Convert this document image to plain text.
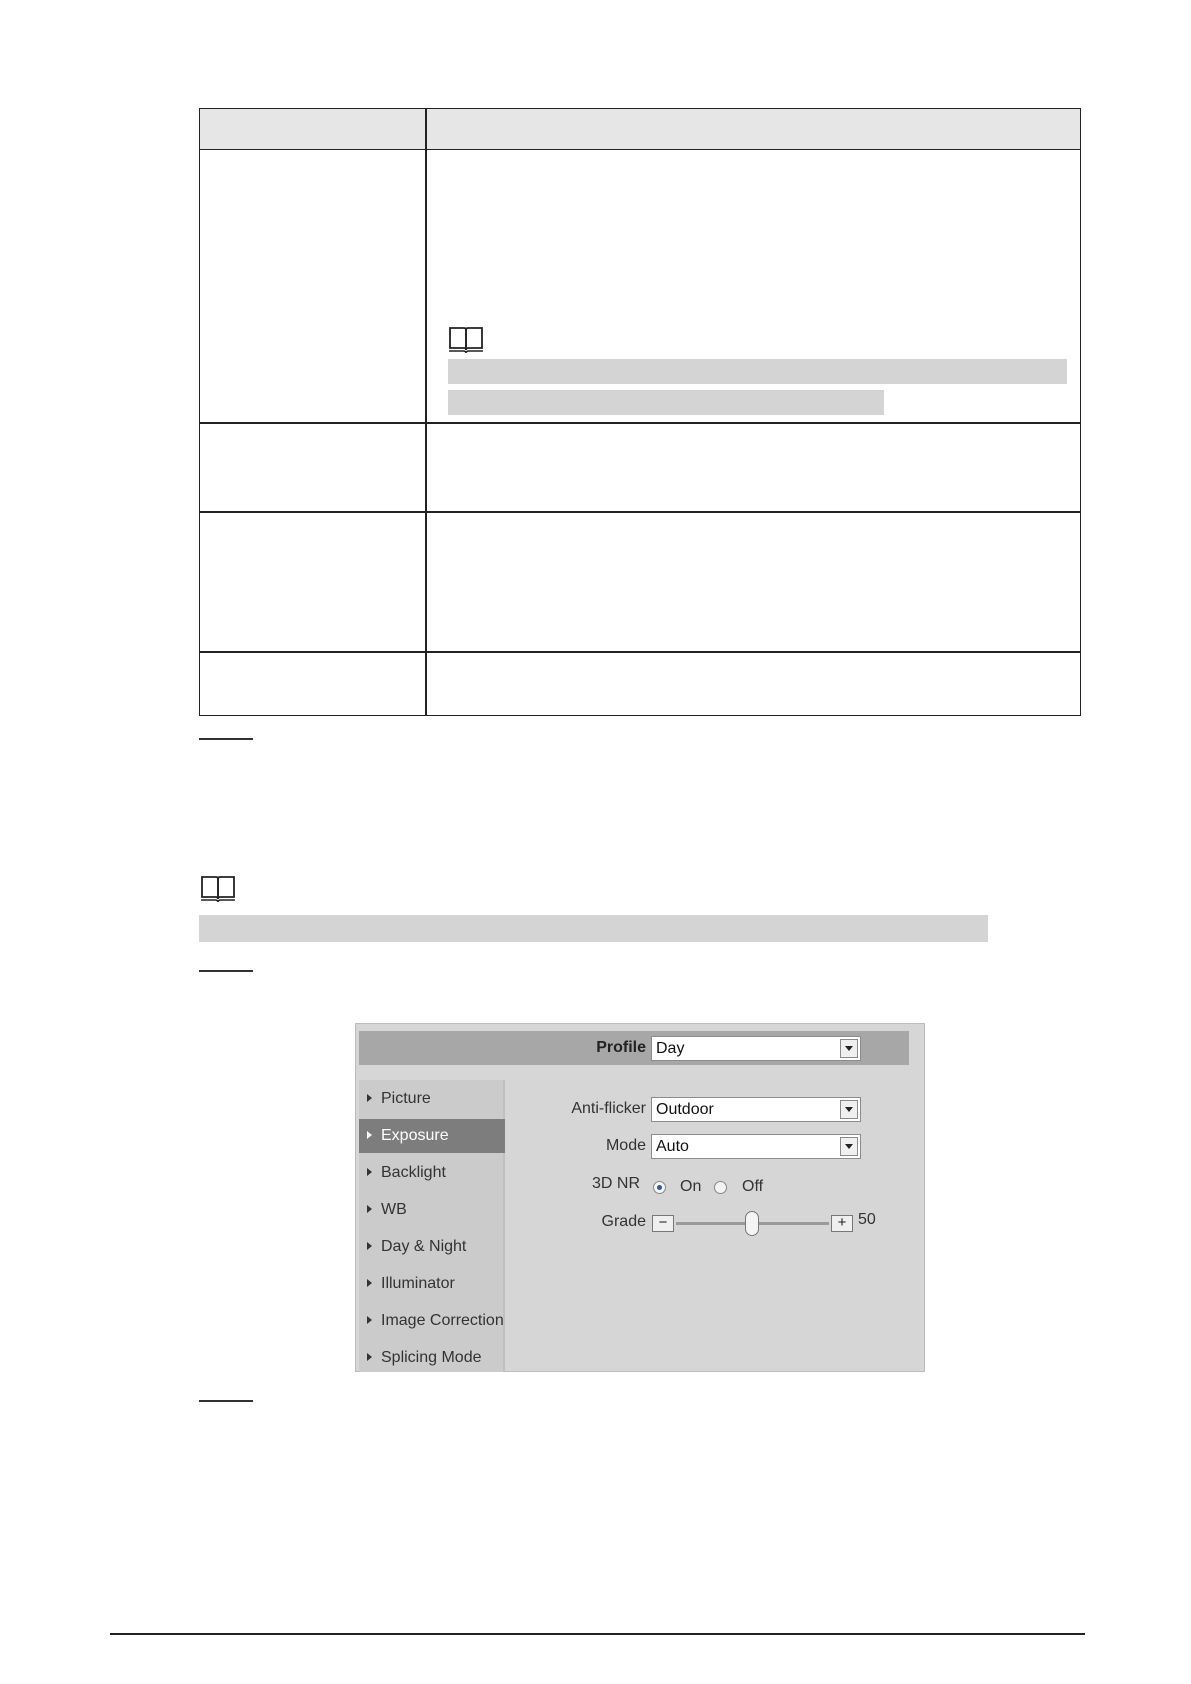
Profile Day
Picture
Exposure
Backlight
WB
Day & Night
Illuminator
Image Correction
Splicing Mode
Anti-flicker Outdoor
Mode Auto
3D NR	On	Off
Grade −	+ 50
